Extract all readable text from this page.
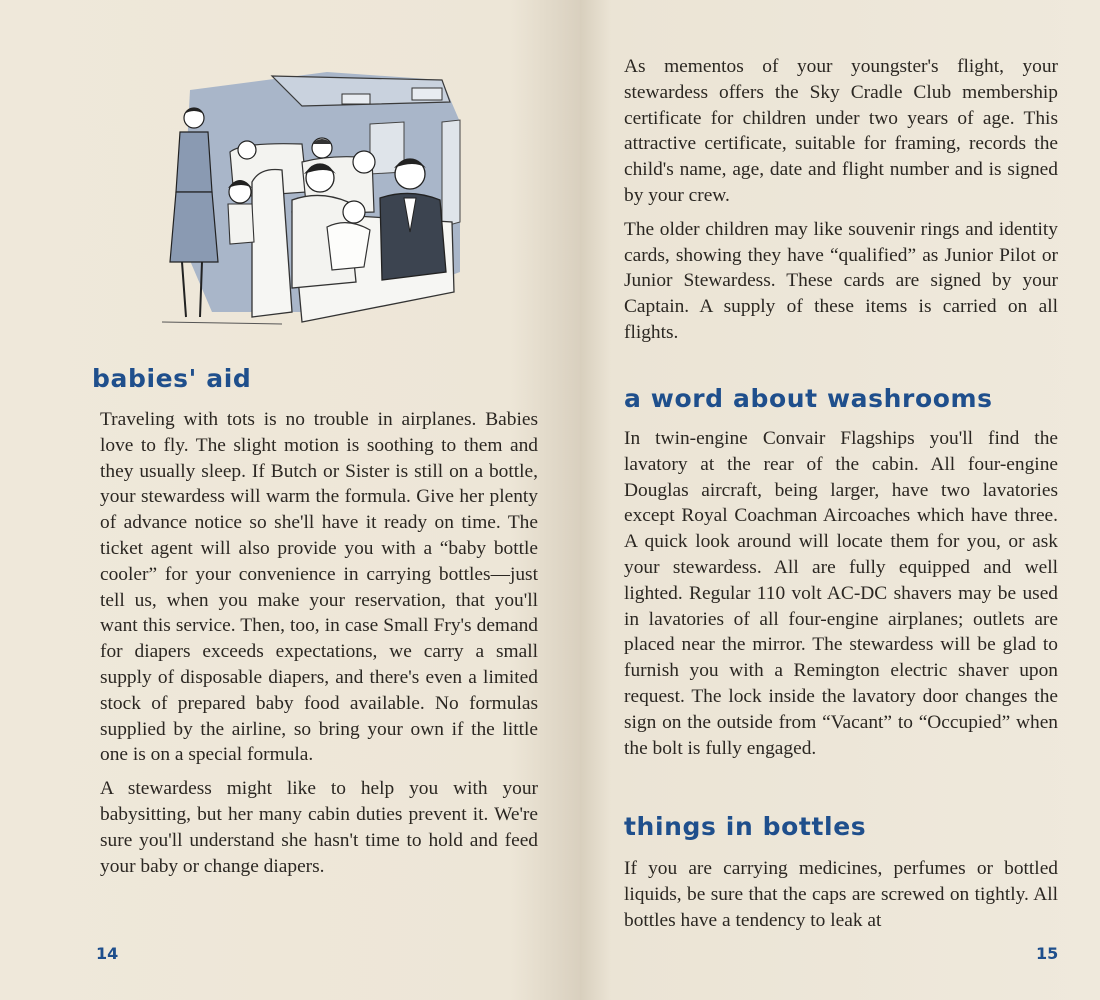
babies' aid

Traveling with tots is no trouble in airplanes. Babies love to fly. The slight motion is soothing to them and they usually sleep. If Butch or Sister is still on a bottle, your stewardess will warm the formula. Give her plenty of advance notice so she'll have it ready on time. The ticket agent will also provide you with a “baby bottle cooler” for your convenience in carrying bottles—just tell us, when you make your reservation, that you'll want this service. Then, too, in case Small Fry's demand for diapers exceeds expectations, we carry a small supply of disposable diapers, and there's even a limited stock of prepared baby food available. No formulas supplied by the airline, so bring your own if the little one is on a special formula.

A stewardess might like to help you with your babysitting, but her many cabin duties prevent it. We're sure you'll understand she hasn't time to hold and feed your baby or change diapers.

14

As mementos of your youngster's flight, your stewardess offers the Sky Cradle Club membership certificate for children under two years of age. This attractive certificate, suitable for framing, records the child's name, age, date and flight number and is signed by your crew.

The older children may like souvenir rings and identity cards, showing they have “qualified” as Junior Pilot or Junior Stewardess. These cards are signed by your Captain. A supply of these items is carried on all flights.

a word about washrooms

In twin-engine Convair Flagships you'll find the lavatory at the rear of the cabin. All four-engine Douglas aircraft, being larger, have two lavatories except Royal Coachman Aircoaches which have three. A quick look around will locate them for you, or ask your stewardess. All are fully equipped and well lighted. Regular 110 volt AC-DC shavers may be used in lavatories of all four-engine airplanes; outlets are placed near the mirror. The stewardess will be glad to furnish you with a Remington electric shaver upon request. The lock inside the lavatory door changes the sign on the outside from “Vacant” to “Occupied” when the bolt is fully engaged.

things in bottles

If you are carrying medicines, perfumes or bottled liquids, be sure that the caps are screwed on tightly. All bottles have a tendency to leak at

15
